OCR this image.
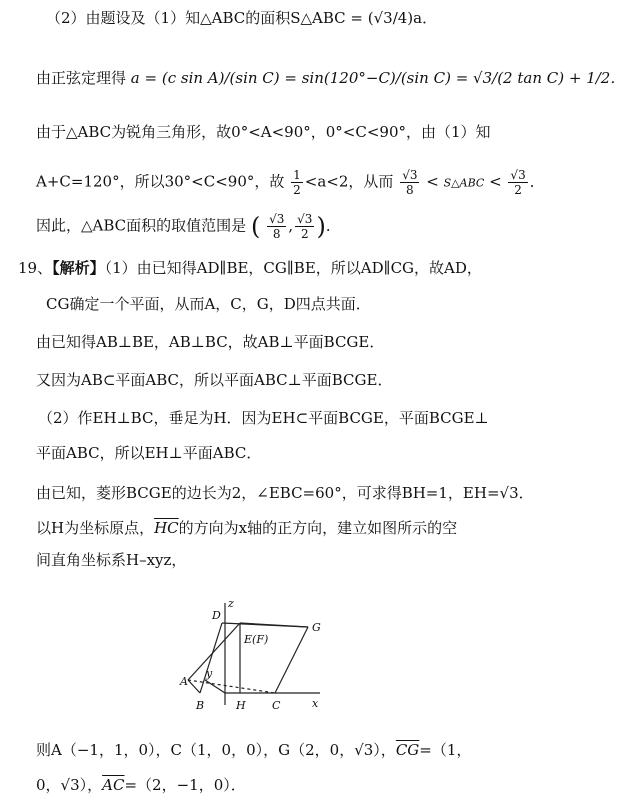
（2）由题设及（1）知△ABC的面积S△ABC = (√3/4)a．
由正弦定理得 a = (c sin A)/(sin C) = sin(120°−C)/(sin C) = √3/(2 tan C) + 1/2．
由于△ABC为锐角三角形，故0°<A<90°，0°<C<90°，由（1）知
A+C=120°，所以30°<C<90°，故 $\frac{1}{2} <a<2$，从而 $\frac{√3}{8}$ < S△ABC < $\frac{√3}{2}$ ．
因此，△ABC面积的取值范围是 ( $\frac{√3}{8}$ , $\frac{√3}{2}$ )．
19、【解析】（1）由已知得AD∥BE，CG∥BE，所以AD∥CG，故AD，
CG确定一个平面，从而A，C，G，D四点共面．
由已知得AB⊥BE，AB⊥BC，故AB⊥平面BCGE．
又因为AB⊂平面ABC，所以平面ABC⊥平面BCGE．
（2）作EH⊥BC，垂足为H．因为EH⊂平面BCGE，平面BCGE⊥
平面ABC，所以EH⊥平面ABC．
由已知，菱形BCGE的边长为2，∠EBC=60°，可求得BH=1，EH=√3．
以H为坐标原点，$\overline{HC}$的方向为x轴的正方向，建立如图所示的空
间直角坐标系H–xyz，
z
D
G
E(F)
A
y
B	H C	x
则A（−1，1，0），C（1，0，0），G（2，0，√3），$\overline{CG}=(1$，
0，√3），$\overline{AC}=(2$，−1，0）．
